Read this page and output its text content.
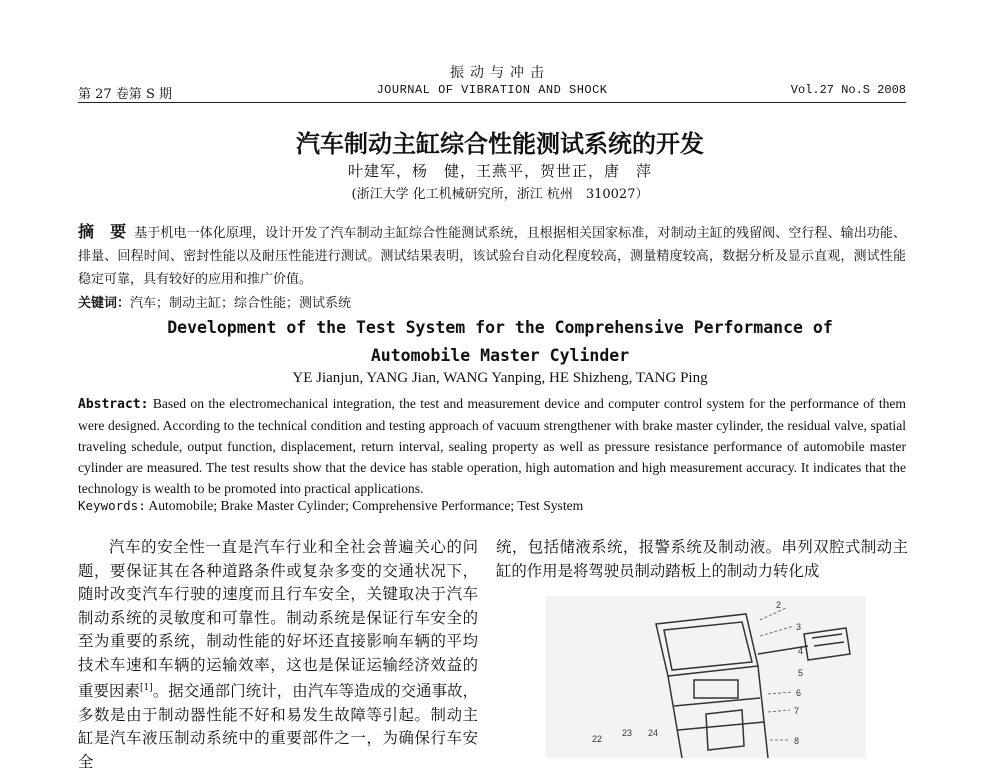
振动与冲击
第 27 卷第 S 期	JOURNAL OF VIBRATION AND SHOCK	Vol.27 No.S 2008
汽车制动主缸综合性能测试系统的开发
叶建军，杨　健，王燕平，贺世正，唐　萍
(浙江大学 化工机械研究所，浙江 杭州　310027）
摘　要 基于机电一体化原理，设计开发了汽车制动主缸综合性能测试系统，且根据相关国家标准，对制动主缸的残留阀、空行程、输出功能、排量、回程时间、密封性能以及耐压性能进行测试。测试结果表明，该试验台自动化程度较高，测量精度较高，数据分析及显示直观，测试性能稳定可靠，具有较好的应用和推广价值。
关键词：汽车；制动主缸；综合性能；测试系统
Development of the Test System for the Comprehensive Performance of
Automobile Master Cylinder
YE Jianjun, YANG Jian, WANG Yanping, HE Shizheng, TANG Ping
Abstract: Based on the electromechanical integration, the test and measurement device and computer control system for the performance of them were designed. According to the technical condition and testing approach of vacuum strengthener with brake master cylinder, the residual valve, spatial traveling schedule, output function, displacement, return interval, sealing property as well as pressure resistance performance of automobile master cylinder are measured. The test results show that the device has stable operation, high automation and high measurement accuracy. It indicates that the technology is wealth to be promoted into practical applications.
Keywords: Automobile; Brake Master Cylinder; Comprehensive Performance; Test System
汽车的安全性一直是汽车行业和全社会普遍关心的问题，要保证其在各种道路条件或复杂多变的交通状况下，随时改变汽车行驶的速度而且行车安全，关键取决于汽车制动系统的灵敏度和可靠性。制动系统是保证行车安全的至为重要的系统，制动性能的好坏还直接影响车辆的平均技术车速和车辆的运输效率，这也是保证运输经济效益的重要因素[1]。据交通部门统计，由汽车等造成的交通事故，多数是由于制动器性能不好和易发生故障等引起。制动主缸是汽车液压制动系统中的重要部件之一，为确保行车安全
统，包括储液系统，报警系统及制动液。串列双腔式制动主缸的作用是将驾驶员制动踏板上的制动力转化成
2
3
4
5
6
7
8
22
23 24
